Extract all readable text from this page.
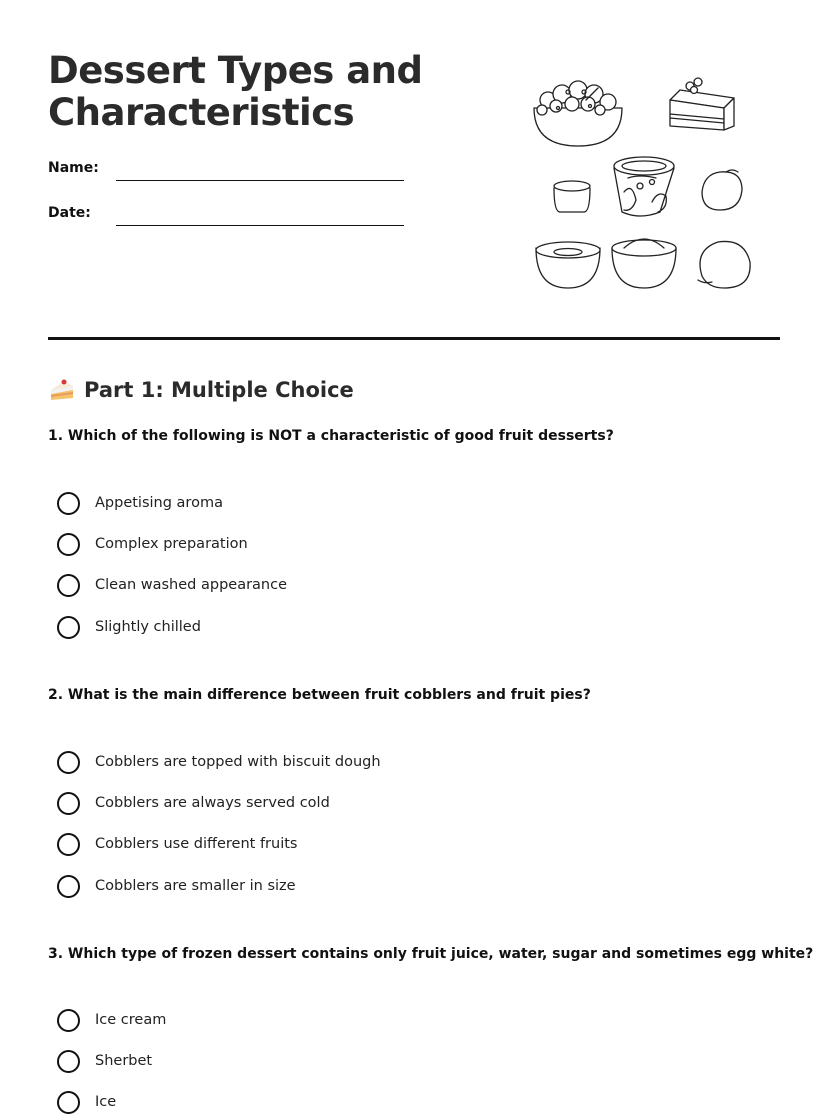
Dessert Types and
Characteristics
Name:
Date:
Part 1: Multiple Choice
1. Which of the following is NOT a characteristic of good fruit desserts?
Appetising aroma
Complex preparation
Clean washed appearance
Slightly chilled
2. What is the main difference between fruit cobblers and fruit pies?
Cobblers are topped with biscuit dough
Cobblers are always served cold
Cobblers use different fruits
Cobblers are smaller in size
3. Which type of frozen dessert contains only fruit juice, water, sugar and sometimes egg white?
Ice cream
Sherbet
Ice
